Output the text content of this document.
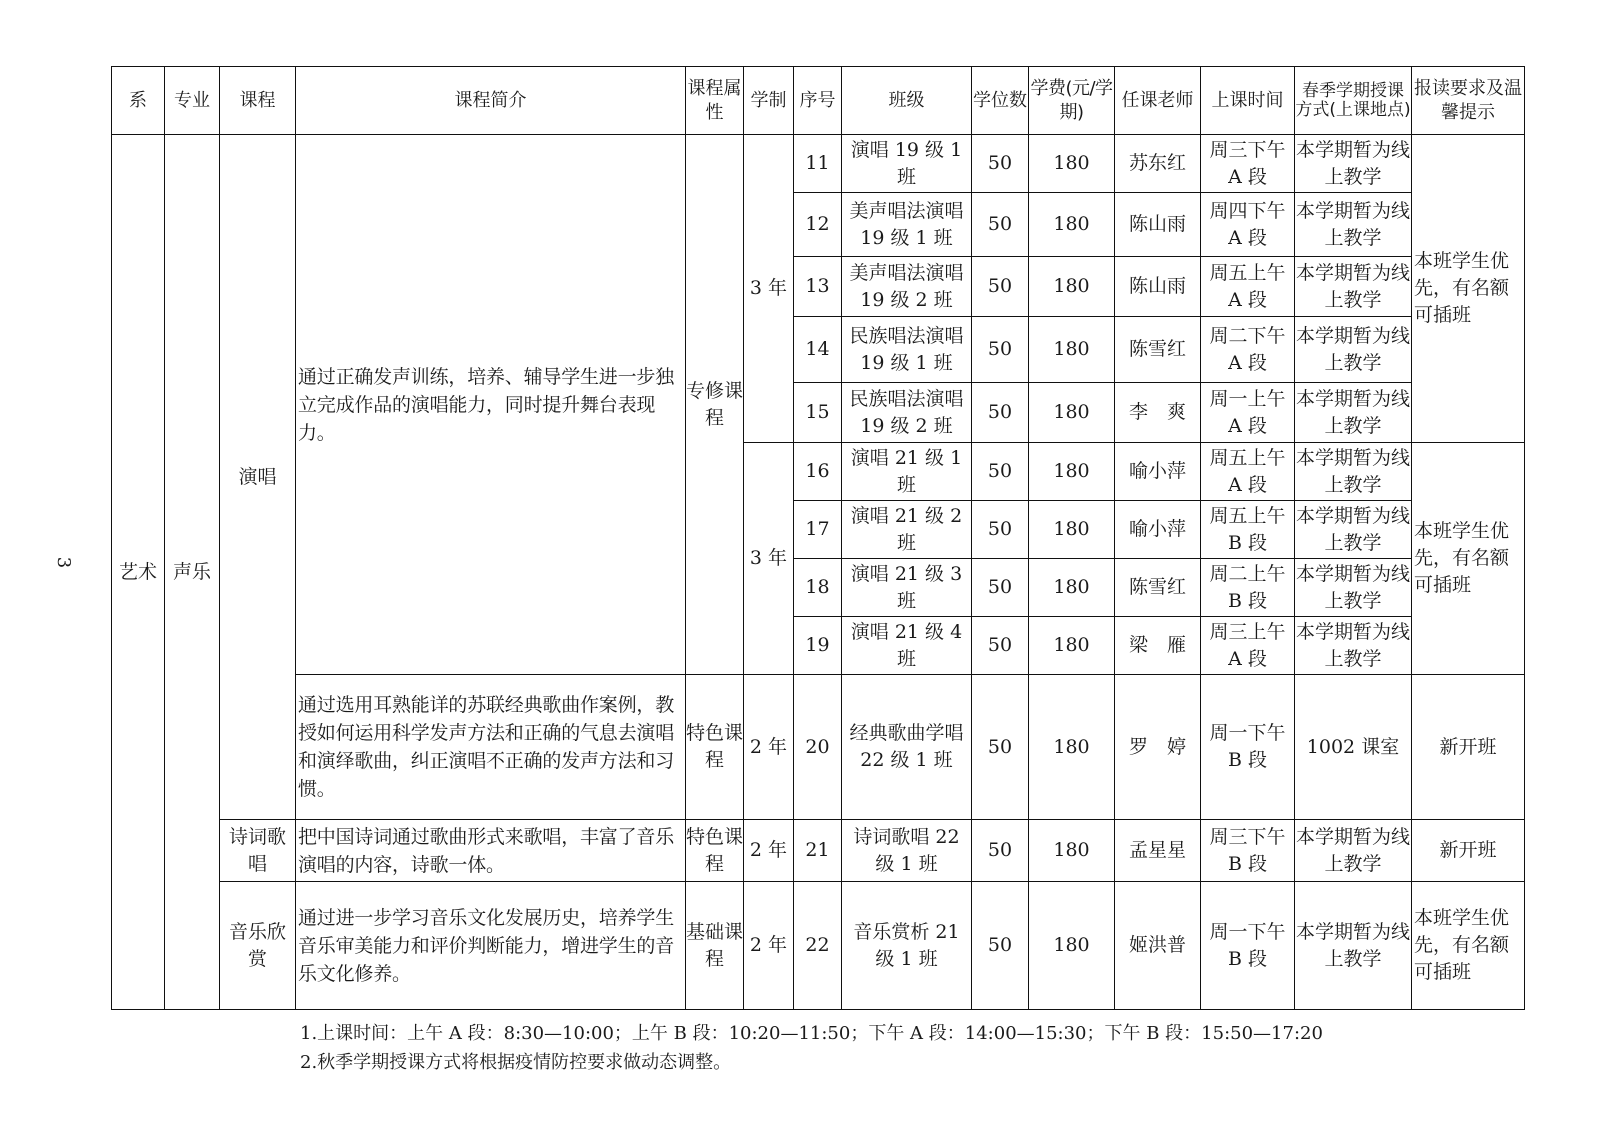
3
系	专业	课程	课程简介	课程属性	学制	序号	班级	学位数	学费(元/学期)	任课老师	上课时间	春季学期授课方式(上课地点)	报读要求及温馨提示
艺术	声乐	演唱	通过正确发声训练，培养、辅导学生进一步独立完成作品的演唱能力，同时提升舞台表现力。	专修课程	3 年	11	演唱 19 级 1 班	50	180	苏东红	周三下午 A 段	本学期暂为线上教学	本班学生优先，有名额可插班
						12	美声唱法演唱 19 级 1 班	50	180	陈山雨	周四下午 A 段	本学期暂为线上教学	
						13	美声唱法演唱 19 级 2 班	50	180	陈山雨	周五上午 A 段	本学期暂为线上教学	
						14	民族唱法演唱 19 级 1 班	50	180	陈雪红	周二下午 A 段	本学期暂为线上教学	
						15	民族唱法演唱 19 级 2 班	50	180	李　爽	周一上午 A 段	本学期暂为线上教学	
					3 年	16	演唱 21 级 1 班	50	180	喻小萍	周五上午 A 段	本学期暂为线上教学	本班学生优先，有名额可插班
						17	演唱 21 级 2 班	50	180	喻小萍	周五上午 B 段	本学期暂为线上教学	
						18	演唱 21 级 3 班	50	180	陈雪红	周二上午 B 段	本学期暂为线上教学	
						19	演唱 21 级 4 班	50	180	梁　雁	周三上午 A 段	本学期暂为线上教学	
			通过选用耳熟能详的苏联经典歌曲作案例，教授如何运用科学发声方法和正确的气息去演唱和演绎歌曲，纠正演唱不正确的发声方法和习惯。	特色课程	2 年	20	经典歌曲学唱 22 级 1 班	50	180	罗　婷	周一下午 B 段	1002 课室	新开班
		诗词歌唱	把中国诗词通过歌曲形式来歌唱，丰富了音乐演唱的内容，诗歌一体。	特色课程	2 年	21	诗词歌唱 22 级 1 班	50	180	孟星星	周三下午 B 段	本学期暂为线上教学	新开班
		音乐欣赏	通过进一步学习音乐文化发展历史，培养学生音乐审美能力和评价判断能力，增进学生的音乐文化修养。	基础课程	2 年	22	音乐赏析 21 级 1 班	50	180	姬洪普	周一下午 B 段	本学期暂为线上教学	本班学生优先，有名额可插班
1.上课时间：上午 A 段：8:30—10:00；上午 B 段：10:20—11:50；下午 A 段：14:00—15:30；下午 B 段：15:50—17:20
2.秋季学期授课方式将根据疫情防控要求做动态调整。
